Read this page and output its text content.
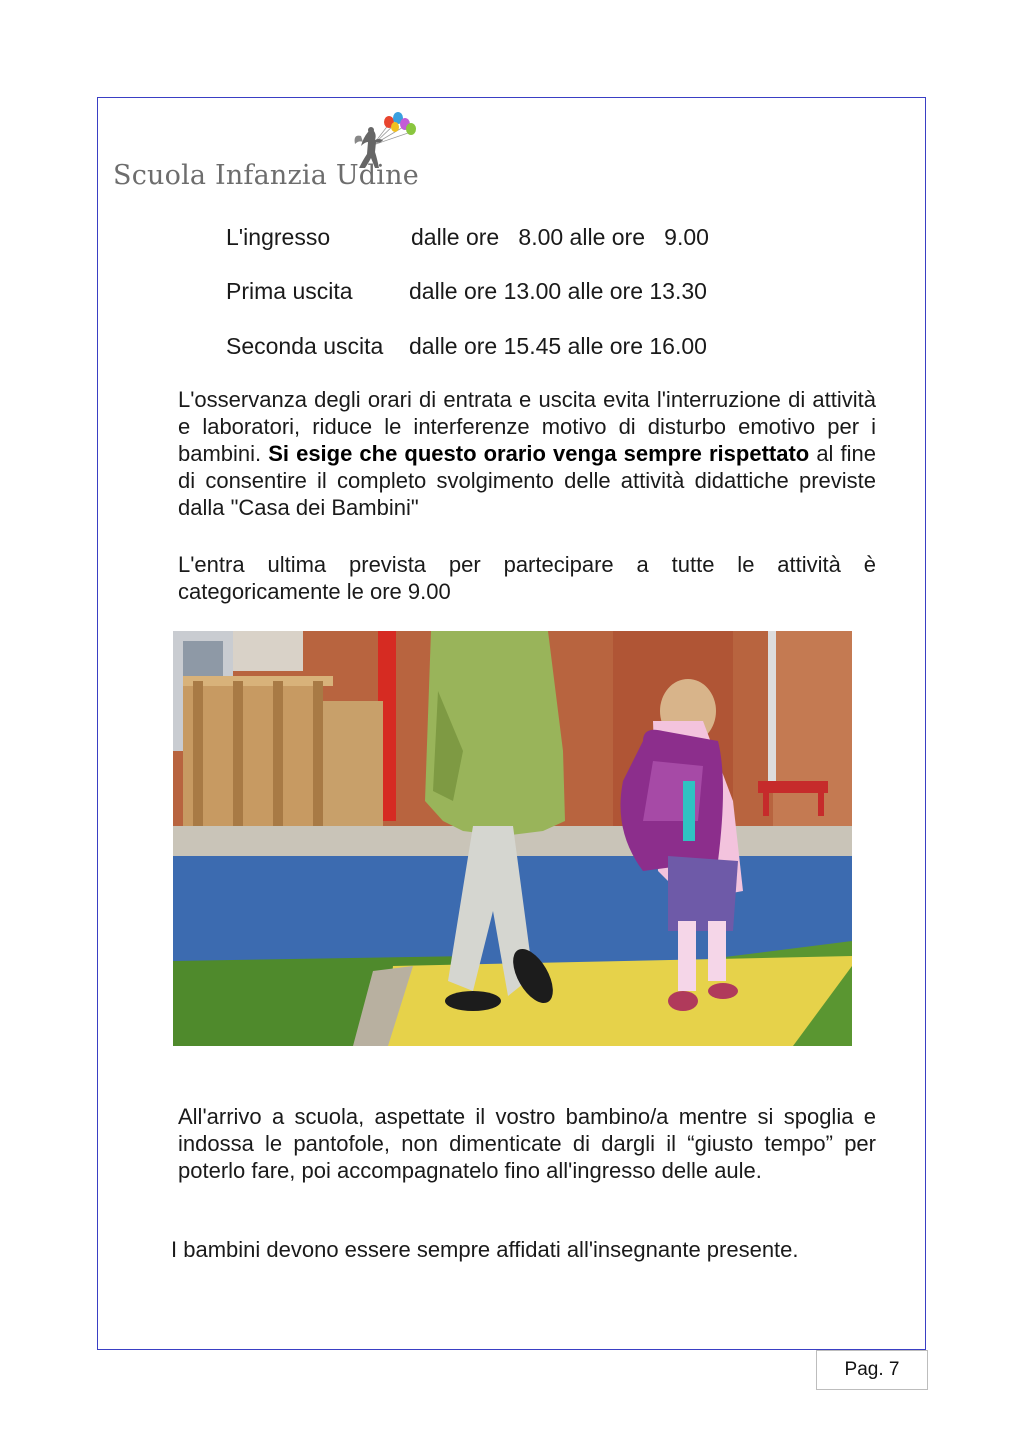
Scuola Infanzia Udine
L'ingresso	dalle ore   8.00 alle ore   9.00
Prima uscita dalle ore 13.00 alle ore 13.30
Seconda uscita dalle ore 15.45 alle ore 16.00
L'osservanza degli orari di entrata e uscita evita l'interruzione di attività e laboratori, riduce le interferenze motivo di disturbo emotivo per i bambini. Si esige che questo orario venga sempre rispettato al fine di consentire il completo svolgimento delle attività didattiche previste dalla "Casa dei Bambini"
L'entra ultima prevista per partecipare a tutte le attività è categoricamente le ore 9.00
All'arrivo a scuola, aspettate il vostro bambino/a mentre si spoglia e indossa le pantofole, non dimenticate di dargli il “giusto tempo” per poterlo fare, poi accompagnatelo fino all'ingresso delle aule.
I bambini devono essere sempre affidati all'insegnante presente.
Pag. 7
